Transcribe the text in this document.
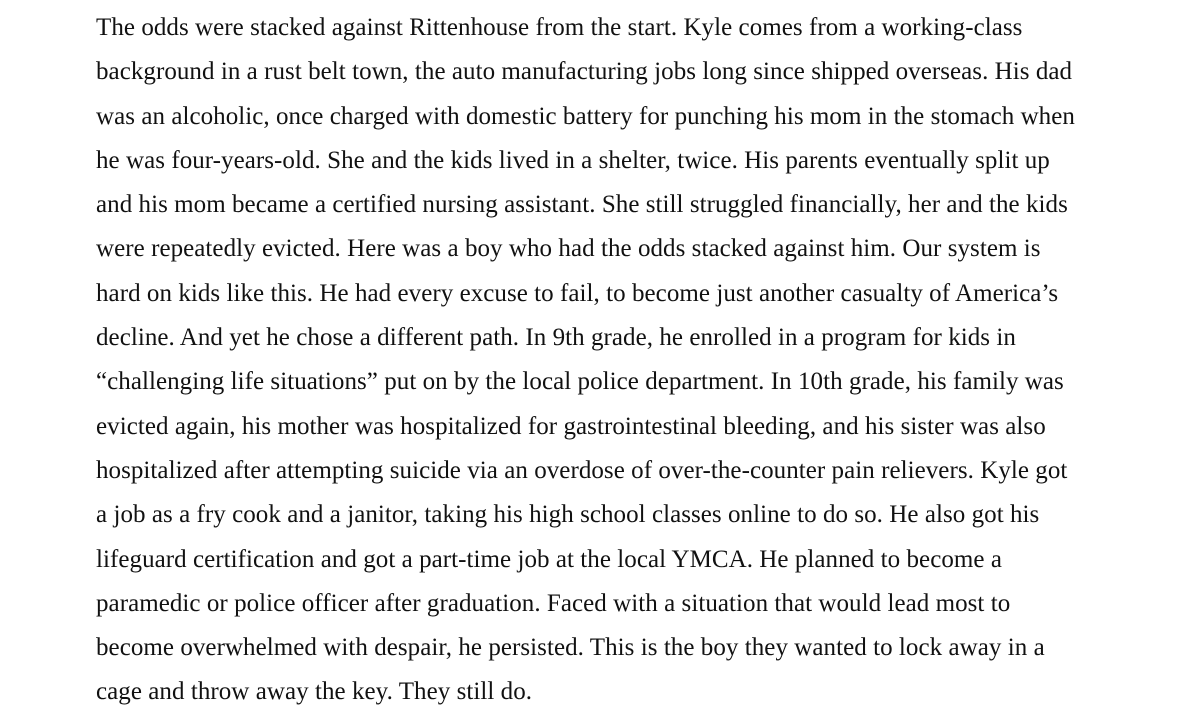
The odds were stacked against Rittenhouse from the start. Kyle comes from a working-class
background in a rust belt town, the auto manufacturing jobs long since shipped overseas. His dad
was an alcoholic, once charged with domestic battery for punching his mom in the stomach when
he was four-years-old. She and the kids lived in a shelter, twice. His parents eventually split up
and his mom became a certified nursing assistant. She still struggled financially, her and the kids
were repeatedly evicted. Here was a boy who had the odds stacked against him. Our system is
hard on kids like this. He had every excuse to fail, to become just another casualty of America’s
decline. And yet he chose a different path. In 9th grade, he enrolled in a program for kids in
“challenging life situations” put on by the local police department. In 10th grade, his family was
evicted again, his mother was hospitalized for gastrointestinal bleeding, and his sister was also
hospitalized after attempting suicide via an overdose of over-the-counter pain relievers. Kyle got
a job as a fry cook and a janitor, taking his high school classes online to do so. He also got his
lifeguard certification and got a part-time job at the local YMCA. He planned to become a
paramedic or police officer after graduation. Faced with a situation that would lead most to
become overwhelmed with despair, he persisted. This is the boy they wanted to lock away in a
cage and throw away the key. They still do.
